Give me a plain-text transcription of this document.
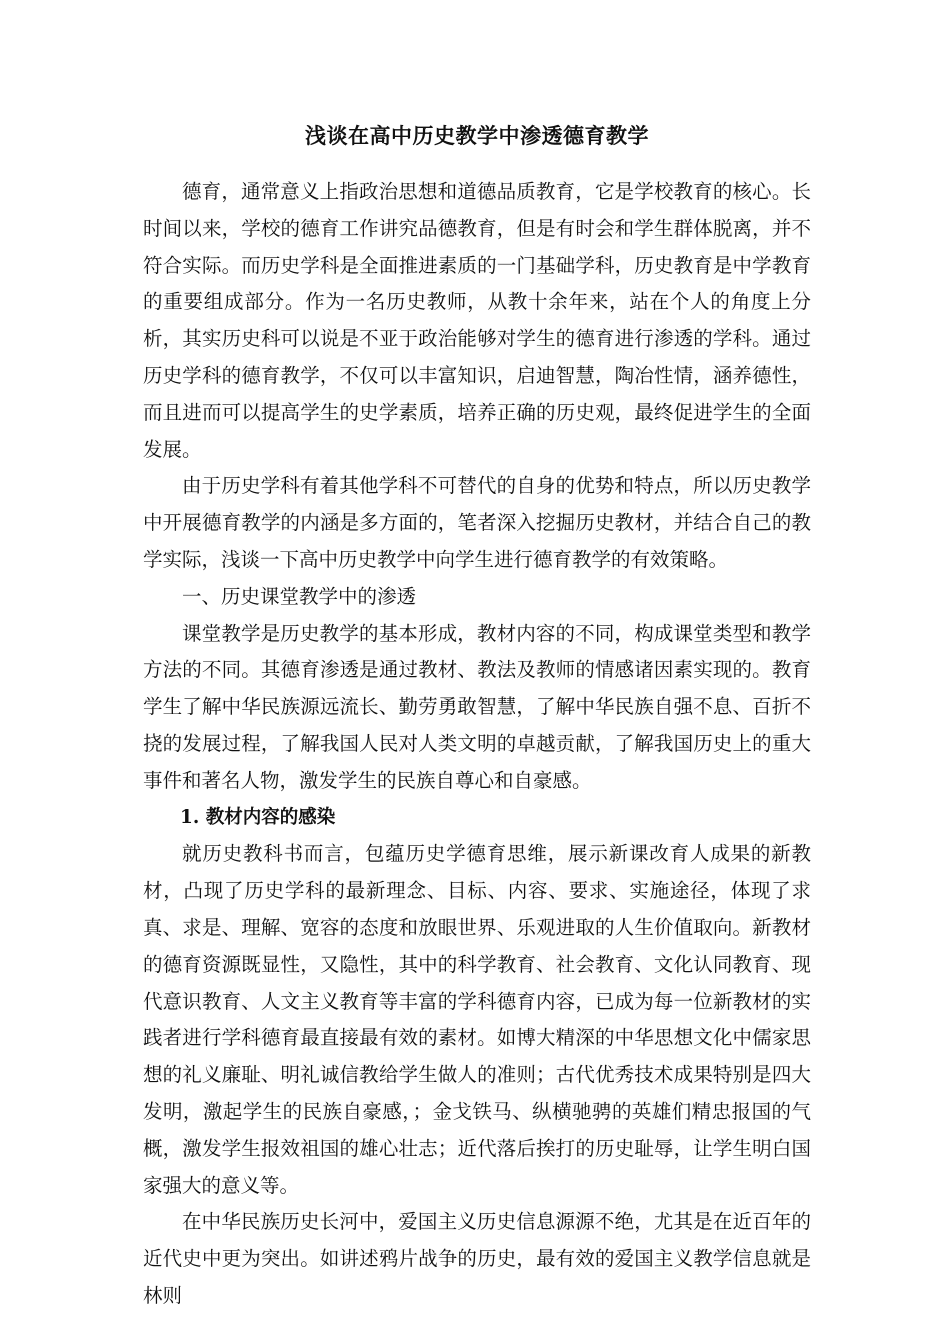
浅谈在高中历史教学中渗透德育教学

德育，通常意义上指政治思想和道德品质教育，它是学校教育的核心。长时间以来，学校的德育工作讲究品德教育，但是有时会和学生群体脱离，并不符合实际。而历史学科是全面推进素质的一门基础学科，历史教育是中学教育的重要组成部分。作为一名历史教师，从教十余年来，站在个人的角度上分析，其实历史科可以说是不亚于政治能够对学生的德育进行渗透的学科。通过历史学科的德育教学，不仅可以丰富知识，启迪智慧，陶冶性情，涵养德性，而且进而可以提高学生的史学素质，培养正确的历史观，最终促进学生的全面发展。

由于历史学科有着其他学科不可替代的自身的优势和特点，所以历史教学中开展德育教学的内涵是多方面的，笔者深入挖掘历史教材，并结合自己的教学实际，浅谈一下高中历史教学中向学生进行德育教学的有效策略。

一、历史课堂教学中的渗透

课堂教学是历史教学的基本形成，教材内容的不同，构成课堂类型和教学方法的不同。其德育渗透是通过教材、教法及教师的情感诸因素实现的。教育学生了解中华民族源远流长、勤劳勇敢智慧，了解中华民族自强不息、百折不挠的发展过程，了解我国人民对人类文明的卓越贡献，了解我国历史上的重大事件和著名人物，激发学生的民族自尊心和自豪感。

1. 教材内容的感染

就历史教科书而言，包蕴历史学德育思维，展示新课改育人成果的新教材，凸现了历史学科的最新理念、目标、内容、要求、实施途径，体现了求真、求是、理解、宽容的态度和放眼世界、乐观进取的人生价值取向。新教材的德育资源既显性，又隐性，其中的科学教育、社会教育、文化认同教育、现代意识教育、人文主义教育等丰富的学科德育内容，已成为每一位新教材的实践者进行学科德育最直接最有效的素材。如博大精深的中华思想文化中儒家思想的礼义廉耻、明礼诚信教给学生做人的准则；古代优秀技术成果特别是四大发明，激起学生的民族自豪感，；金戈铁马、纵横驰骋的英雄们精忠报国的气概，激发学生报效祖国的雄心壮志；近代落后挨打的历史耻辱，让学生明白国家强大的意义等。

在中华民族历史长河中，爱国主义历史信息源源不绝，尤其是在近百年的近代史中更为突出。如讲述鸦片战争的历史，最有效的爱国主义教学信息就是林则
